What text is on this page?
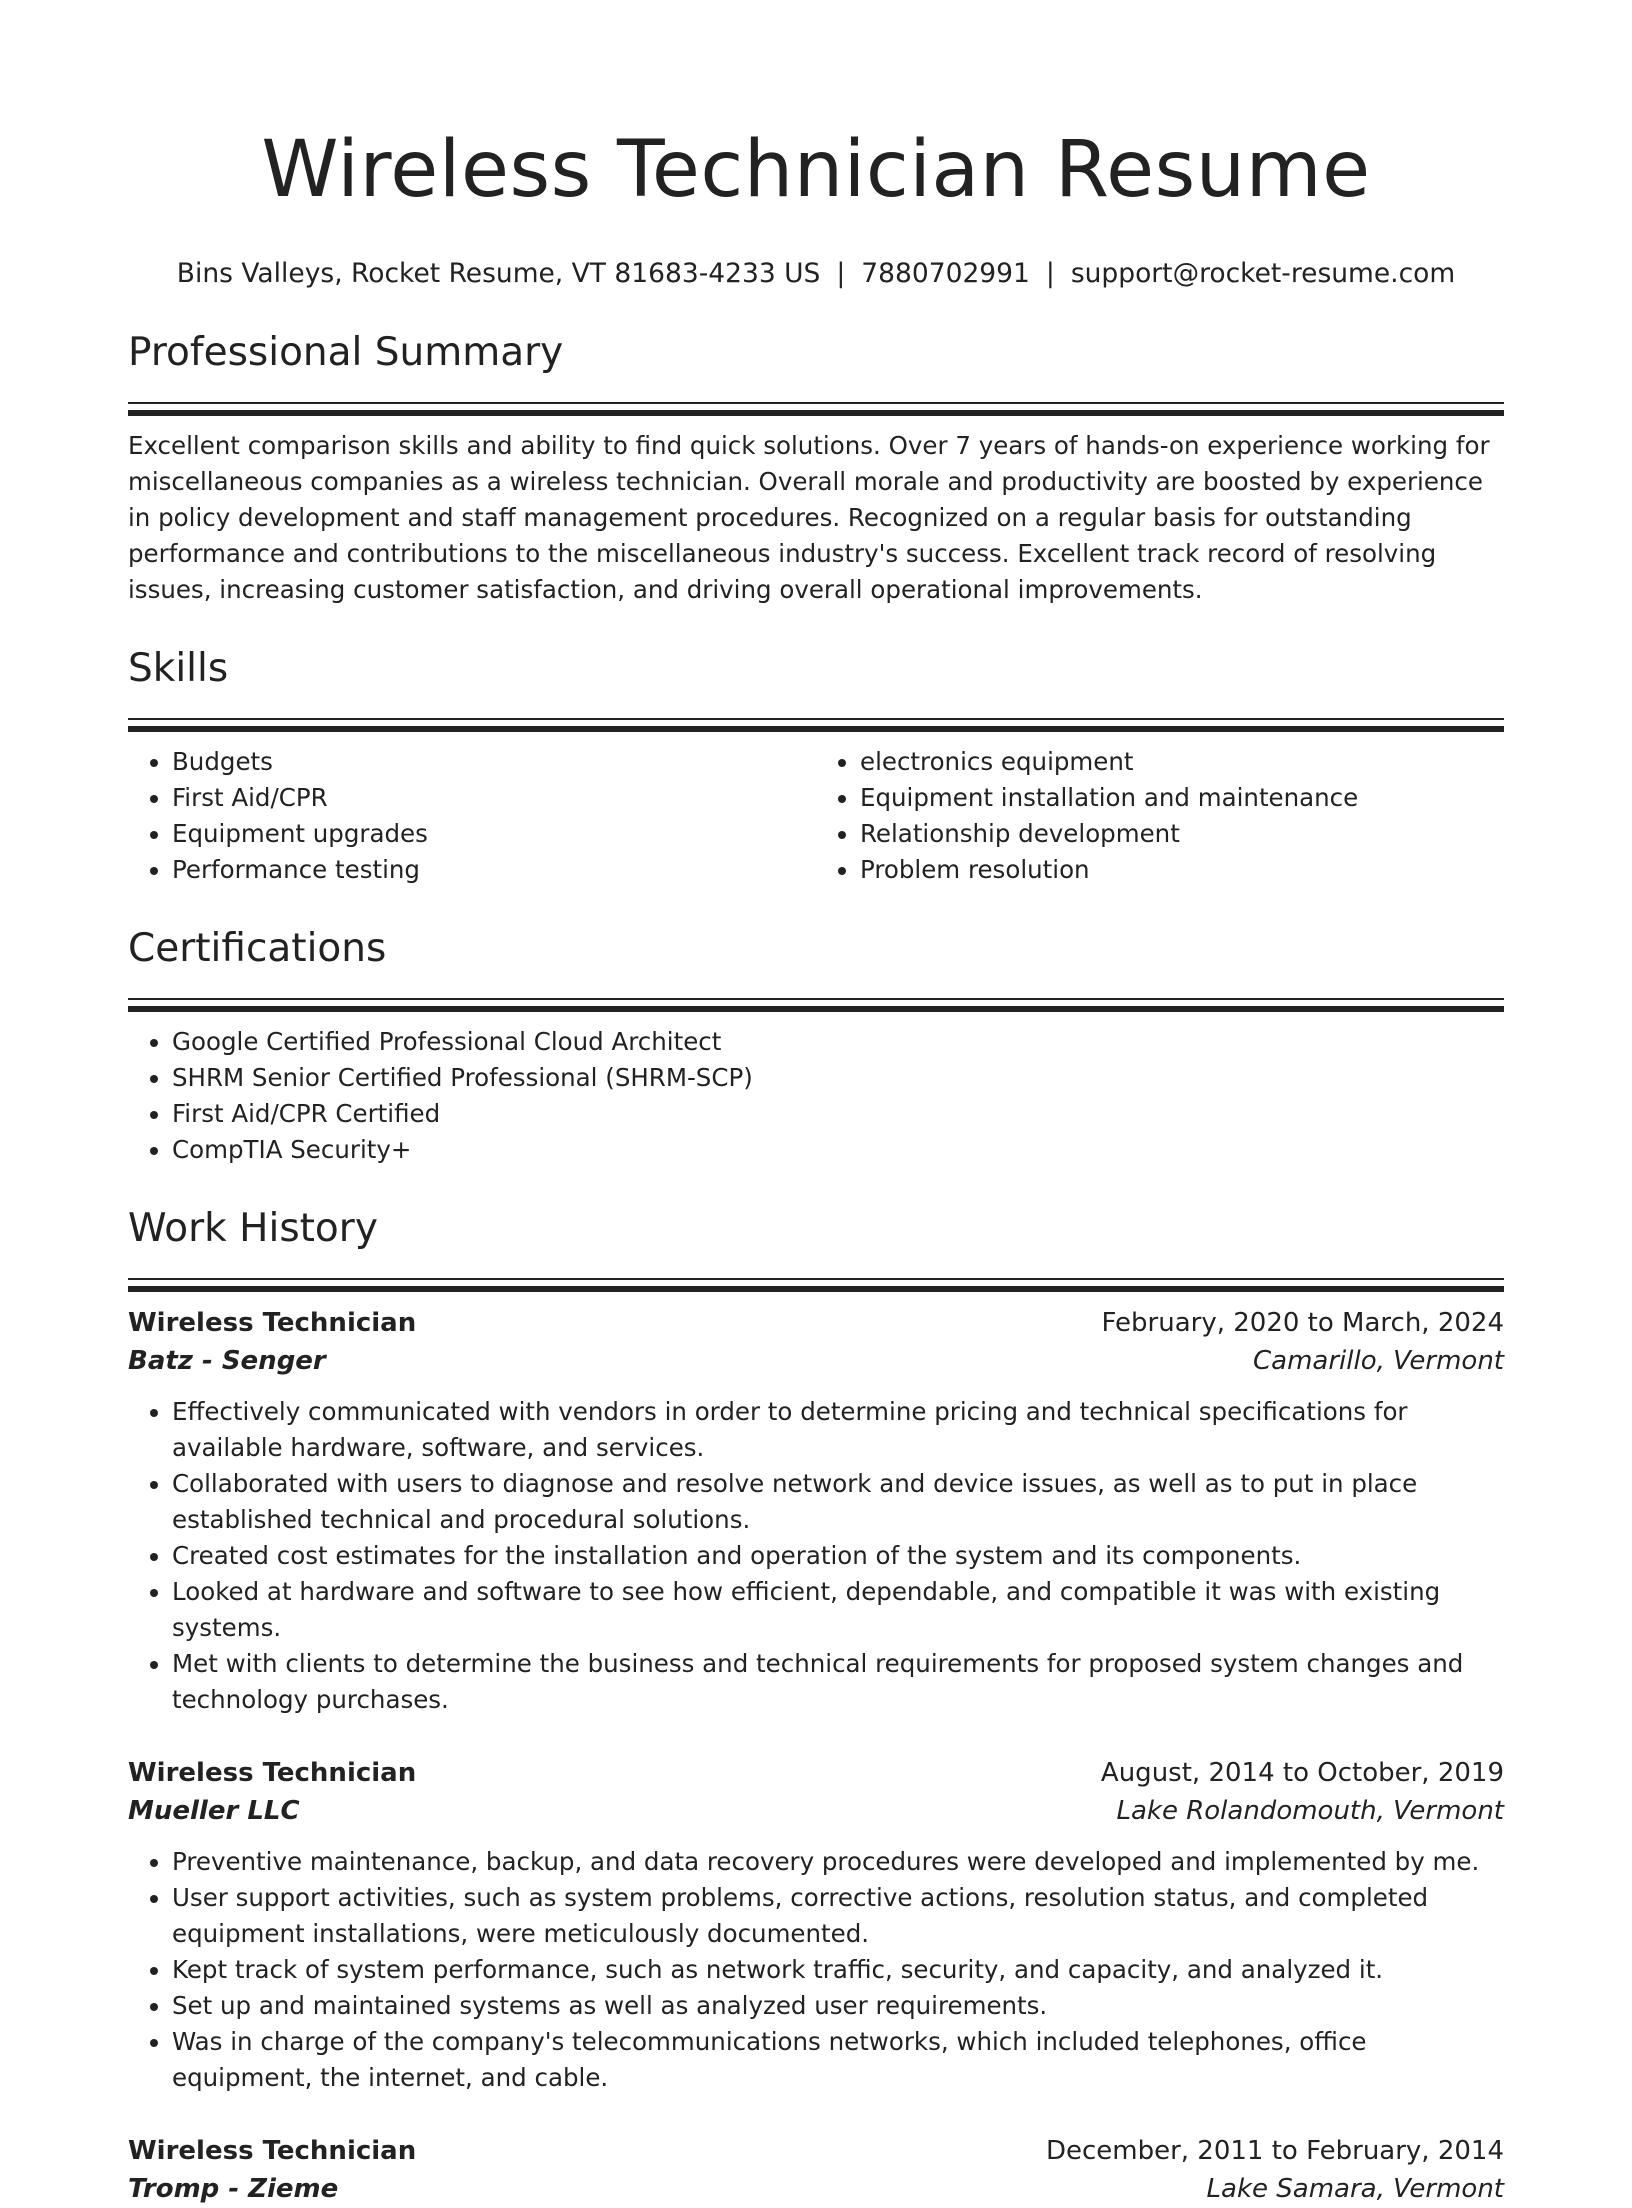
Wireless Technician Resume
Bins Valleys, Rocket Resume, VT 81683-4233 US | 7880702991 | support@rocket-resume.com
Professional Summary

Excellent comparison skills and ability to find quick solutions. Over 7 years of hands-on experience working for miscellaneous companies as a wireless technician. Overall morale and productivity are boosted by experience in policy development and staff management procedures. Recognized on a regular basis for outstanding performance and contributions to the miscellaneous industry's success. Excellent track record of resolving issues, increasing customer satisfaction, and driving overall operational improvements.

Skills
• Budgets
• First Aid/CPR
• Equipment upgrades
• Performance testing
• electronics equipment
• Equipment installation and maintenance
• Relationship development
• Problem resolution
Certifications
• Google Certified Professional Cloud Architect
• SHRM Senior Certified Professional (SHRM-SCP)
• First Aid/CPR Certified
• CompTIA Security+
Work History
Wireless Technician	February, 2020 to March, 2024
Batz - Senger	Camarillo, Vermont
• Effectively communicated with vendors in order to determine pricing and technical specifications for available hardware, software, and services.
• Collaborated with users to diagnose and resolve network and device issues, as well as to put in place established technical and procedural solutions.
• Created cost estimates for the installation and operation of the system and its components.
• Looked at hardware and software to see how efficient, dependable, and compatible it was with existing systems.
• Met with clients to determine the business and technical requirements for proposed system changes and technology purchases.
Wireless Technician	August, 2014 to October, 2019
Mueller LLC	Lake Rolandomouth, Vermont
• Preventive maintenance, backup, and data recovery procedures were developed and implemented by me.
• User support activities, such as system problems, corrective actions, resolution status, and completed equipment installations, were meticulously documented.
• Kept track of system performance, such as network traffic, security, and capacity, and analyzed it.
• Set up and maintained systems as well as analyzed user requirements.
• Was in charge of the company's telecommunications networks, which included telephones, office equipment, the internet, and cable.
Wireless Technician	December, 2011 to February, 2014
Tromp - Zieme	Lake Samara, Vermont
